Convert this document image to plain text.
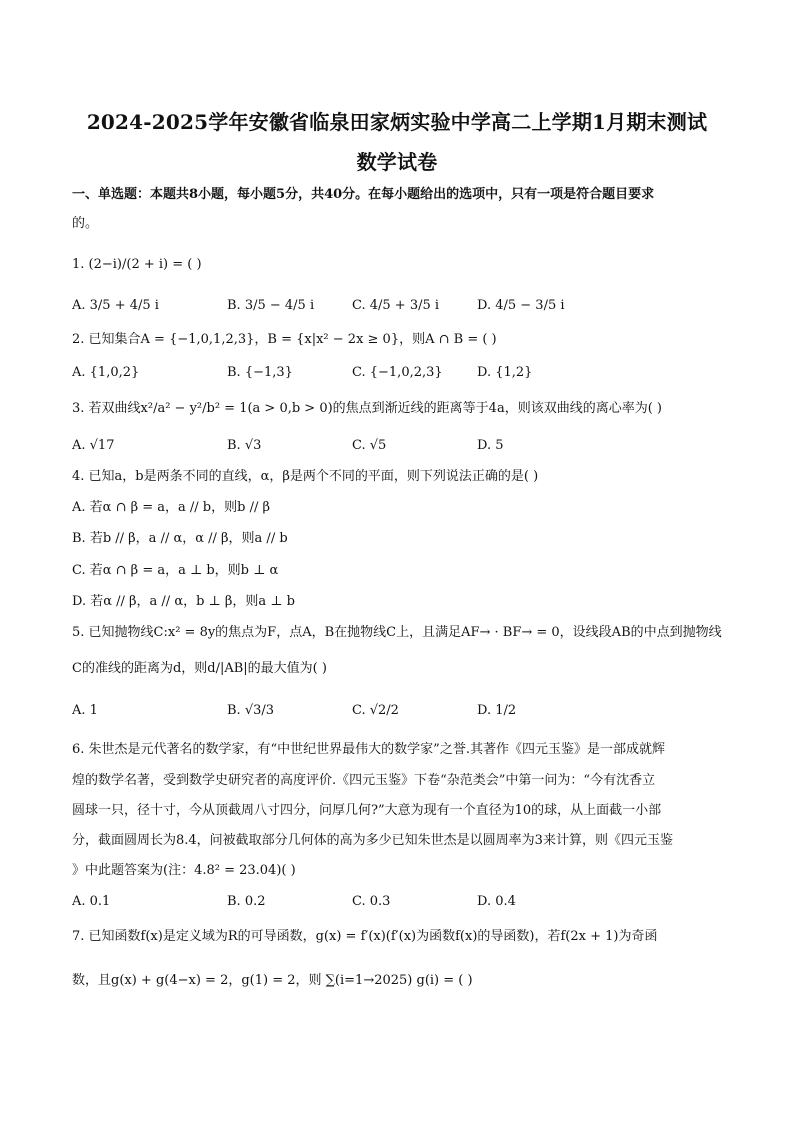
2024-2025学年安徽省临泉田家炳实验中学高二上学期1月期末测试
数学试卷
一、单选题：本题共8小题，每小题5分，共40分。在每小题给出的选项中，只有一项是符合题目要求
的。
1. (2−i)/(2 + i) = ( )
A. 3/5 + 4/5 i	B. 3/5 − 4/5 i	C. 4/5 + 3/5 i	D. 4/5 − 3/5 i
2. 已知集合A = {−1,0,1,2,3}，B = {x|x² − 2x ≥ 0}，则A ∩ B = ( )
A. {1,0,2}	B. {−1,3}	C. {−1,0,2,3}	D. {1,2}
3. 若双曲线x²/a² − y²/b² = 1(a > 0,b > 0)的焦点到渐近线的距离等于4a，则该双曲线的离心率为( )
A. √17	B. √3	C. √5	D. 5
4. 已知a，b是两条不同的直线，α，β是两个不同的平面，则下列说法正确的是( )
A. 若α ∩ β = a，a // b，则b // β
B. 若b // β，a // α，α // β，则a // b
C. 若α ∩ β = a，a ⊥ b，则b ⊥ α
D. 若α // β，a // α，b ⊥ β，则a ⊥ b
5. 已知抛物线C:x² = 8y的焦点为F，点A，B在抛物线C上，且满足AF→ · BF→ = 0，设线段AB的中点到抛物线
C的准线的距离为d，则d/|AB|的最大值为( )
A. 1	B. √3/3	C. √2/2	D. 1/2
6. 朱世杰是元代著名的数学家，有“中世纪世界最伟大的数学家”之誉.其著作《四元玉鉴》是一部成就辉
煌的数学名著，受到数学史研究者的高度评价.《四元玉鉴》下卷“杂范类会”中第一问为：“今有沈香立
圆球一只，径十寸，今从顶截周八寸四分，问厚几何?”大意为现有一个直径为10的球，从上面截一小部
分，截面圆周长为8.4，问被截取部分几何体的高为多少已知朱世杰是以圆周率为3来计算，则《四元玉鉴
》中此题答案为(注：4.8² = 23.04)( )
A. 0.1	B. 0.2	C. 0.3	D. 0.4
7. 已知函数f(x)是定义域为R的可导函数，g(x) = f′(x)(f′(x)为函数f(x)的导函数)，若f(2x + 1)为奇函
数，且g(x) + g(4−x) = 2，g(1) = 2，则 ∑(i=1→2025) g(i) = ( )
